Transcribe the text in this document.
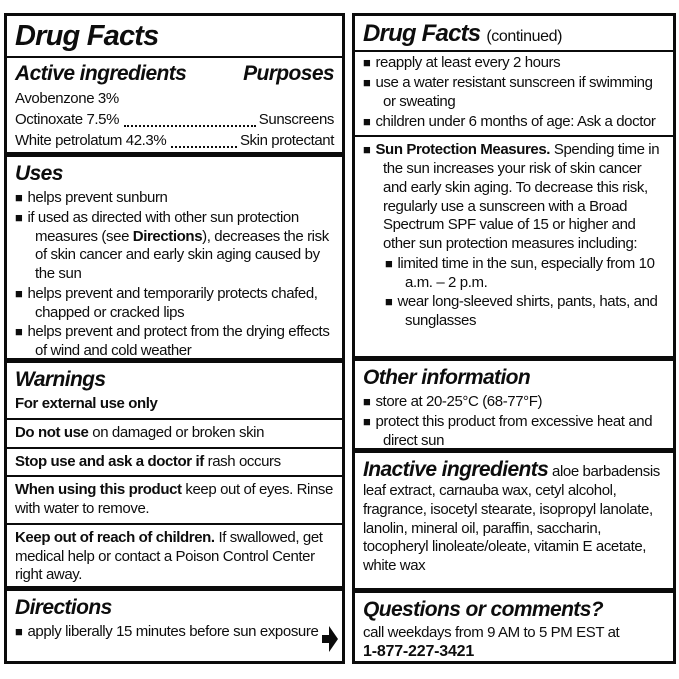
Drug Facts
Active ingredients	Purposes
Avobenzone 3%
Octinoxate 7.5%	Sunscreens
White petrolatum 42.3%	Skin protectant
Uses
■ helps prevent sunburn
■ if used as directed with other sun protection measures (see Directions), decreases the risk of skin cancer and early skin aging caused by the sun
■ helps prevent and temporarily protects chafed, chapped or cracked lips
■ helps prevent and protect from the drying effects of wind and cold weather
Warnings
For external use only
Do not use on damaged or broken skin
Stop use and ask a doctor if rash occurs
When using this product keep out of eyes. Rinse with water to remove.
Keep out of reach of children. If swallowed, get medical help or contact a Poison Control Center right away.
Directions
■ apply liberally 15 minutes before sun exposure
Drug Facts (continued)
■ reapply at least every 2 hours
■ use a water resistant sunscreen if swimming or sweating
■ children under 6 months of age: Ask a doctor
■ Sun Protection Measures. Spending time in the sun increases your risk of skin cancer and early skin aging. To decrease this risk, regularly use a sunscreen with a Broad Spectrum SPF value of 15 or higher and other sun protection measures including:
■ limited time in the sun, especially from 10 a.m. – 2 p.m.
■ wear long-sleeved shirts, pants, hats, and sunglasses
Other information
■ store at 20-25°C (68-77°F)
■ protect this product from excessive heat and direct sun
Inactive ingredients aloe barbadensis leaf extract, carnauba wax, cetyl alcohol, fragrance, isocetyl stearate, isopropyl lanolate, lanolin, mineral oil, paraffin, saccharin, tocopheryl linoleate/oleate, vitamin E acetate, white wax
Questions or comments?
call weekdays from 9 AM to 5 PM EST at
1-877-227-3421
